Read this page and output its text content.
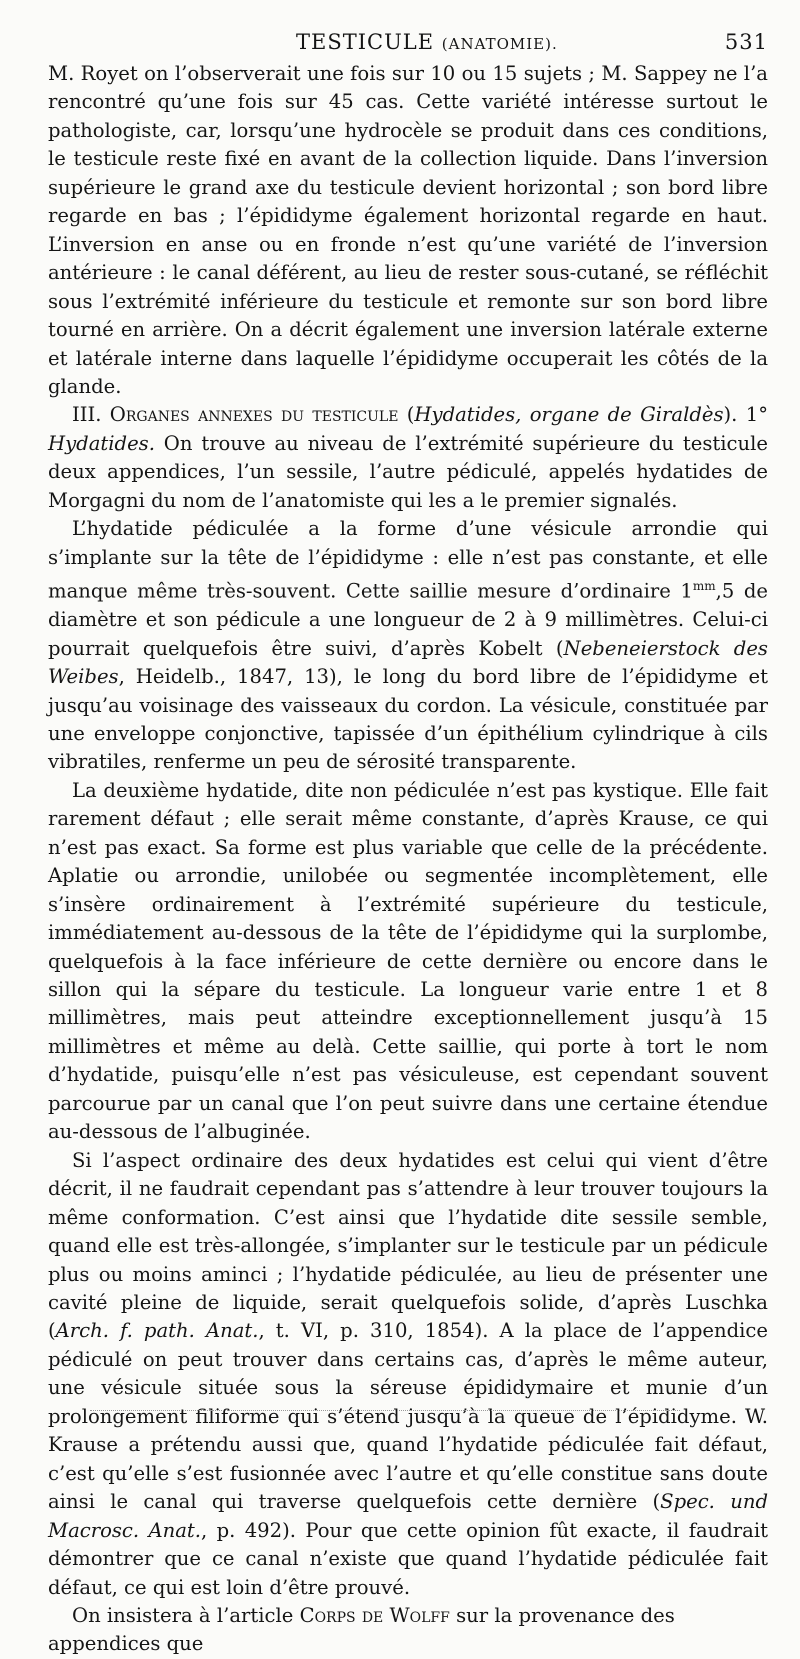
TESTICULE (ANATOMIE).	531

M. Royet on l’observerait une fois sur 10 ou 15 sujets ; M. Sappey ne l’a rencontré qu’une fois sur 45 cas. Cette variété intéresse surtout le pathologiste, car, lorsqu’une hydrocèle se produit dans ces conditions, le testicule reste fixé en avant de la collection liquide. Dans l’inversion supérieure le grand axe du testicule devient horizontal ; son bord libre regarde en bas ; l’épididyme également horizontal regarde en haut. L’inversion en anse ou en fronde n’est qu’une variété de l’inversion antérieure : le canal déférent, au lieu de rester sous-cutané, se réfléchit sous l’extrémité inférieure du testicule et remonte sur son bord libre tourné en arrière. On a décrit également une inversion latérale externe et latérale interne dans laquelle l’épididyme occuperait les côtés de la glande.

III. Organes annexes du testicule (Hydatides, organe de Giraldès). 1° Hydatides. On trouve au niveau de l’extrémité supérieure du testicule deux appendices, l’un sessile, l’autre pédiculé, appelés hydatides de Morgagni du nom de l’anatomiste qui les a le premier signalés.

L’hydatide pédiculée a la forme d’une vésicule arrondie qui s’implante sur la tête de l’épididyme : elle n’est pas constante, et elle manque même très-souvent. Cette saillie mesure d’ordinaire $1^{mm},5$ de diamètre et son pédicule a une longueur de 2 à 9 millimètres. Celui-ci pourrait quelquefois être suivi, d’après Kobelt (Nebeneierstock des Weibes, Heidelb., 1847, 13), le long du bord libre de l’épididyme et jusqu’au voisinage des vaisseaux du cordon. La vésicule, constituée par une enveloppe conjonctive, tapissée d’un épithélium cylindrique à cils vibratiles, renferme un peu de sérosité transparente.

La deuxième hydatide, dite non pédiculée n’est pas kystique. Elle fait rarement défaut ; elle serait même constante, d’après Krause, ce qui n’est pas exact. Sa forme est plus variable que celle de la précédente. Aplatie ou arrondie, unilobée ou segmentée incomplètement, elle s’insère ordinairement à l’extrémité supérieure du testicule, immédiatement au-dessous de la tête de l’épididyme qui la surplombe, quelquefois à la face inférieure de cette dernière ou encore dans le sillon qui la sépare du testicule. La longueur varie entre 1 et 8 millimètres, mais peut atteindre exceptionnellement jusqu’à 15 millimètres et même au delà. Cette saillie, qui porte à tort le nom d’hydatide, puisqu’elle n’est pas vésiculeuse, est cependant souvent parcourue par un canal que l’on peut suivre dans une certaine étendue au-dessous de l’albuginée.

Si l’aspect ordinaire des deux hydatides est celui qui vient d’être décrit, il ne faudrait cependant pas s’attendre à leur trouver toujours la même conformation. C’est ainsi que l’hydatide dite sessile semble, quand elle est très-allongée, s’implanter sur le testicule par un pédicule plus ou moins aminci ; l’hydatide pédiculée, au lieu de présenter une cavité pleine de liquide, serait quelquefois solide, d’après Luschka (Arch. f. path. Anat., t. VI, p. 310, 1854). A la place de l’appendice pédiculé on peut trouver dans certains cas, d’après le même auteur, une vésicule située sous la séreuse épididymaire et munie d’un prolongement filiforme qui s’étend jusqu’à la queue de l’épididyme. W. Krause a prétendu aussi que, quand l’hydatide pédiculée fait défaut, c’est qu’elle s’est fusionnée avec l’autre et qu’elle constitue sans doute ainsi le canal qui traverse quelquefois cette dernière (Spec. und Macrosc. Anat., p. 492). Pour que cette opinion fût exacte, il faudrait démontrer que ce canal n’existe que quand l’hydatide pédiculée fait défaut, ce qui est loin d’être prouvé.

On insistera à l’article Corps de Wolff sur la provenance des appendices que
